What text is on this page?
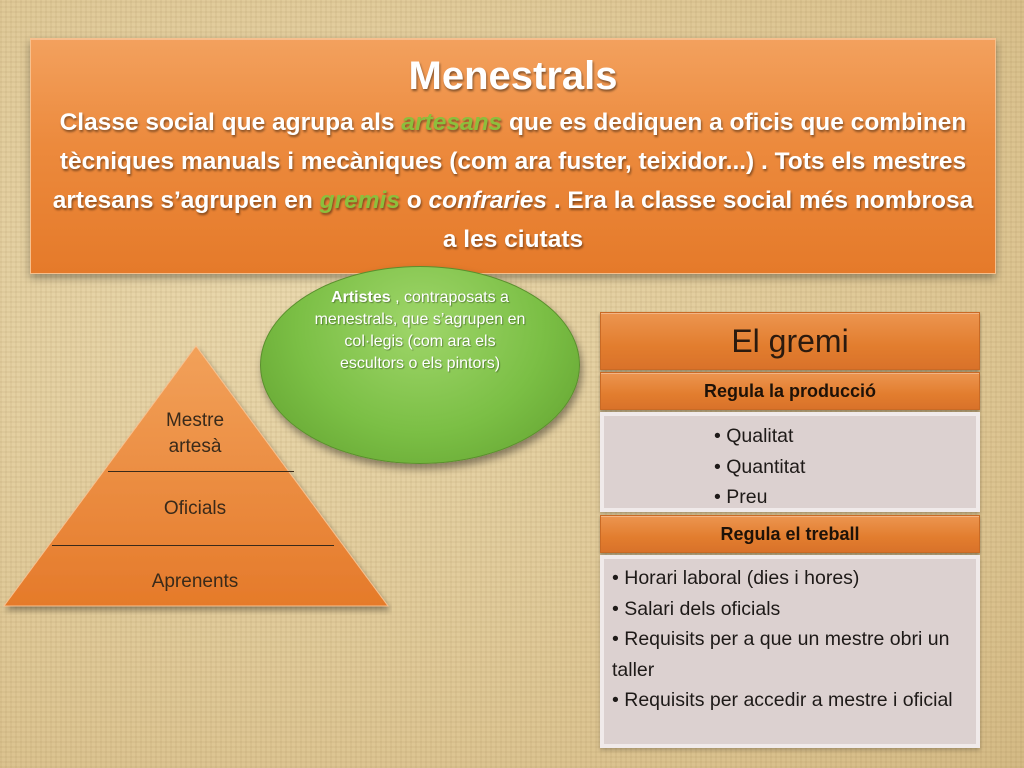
Menestrals
Classe social que agrupa als artesans que es dediquen a oficis que combinen tècniques manuals i mecàniques (com ara fuster, teixidor...) . Tots els mestres artesans s’agrupen en gremis o confraries . Era la classe social més nombrosa a les ciutats
Artistes , contraposats a menestrals, que s’agrupen en col·legis (com ara els escultors o els pintors)
Mestre
artesà
Oficials
Aprenents
El gremi
Regula la producció
• Qualitat
• Quantitat
• Preu
Regula el treball
• Horari laboral (dies i hores)
• Salari dels oficials
• Requisits per a que un mestre obri un taller
• Requisits per accedir a mestre i oficial
